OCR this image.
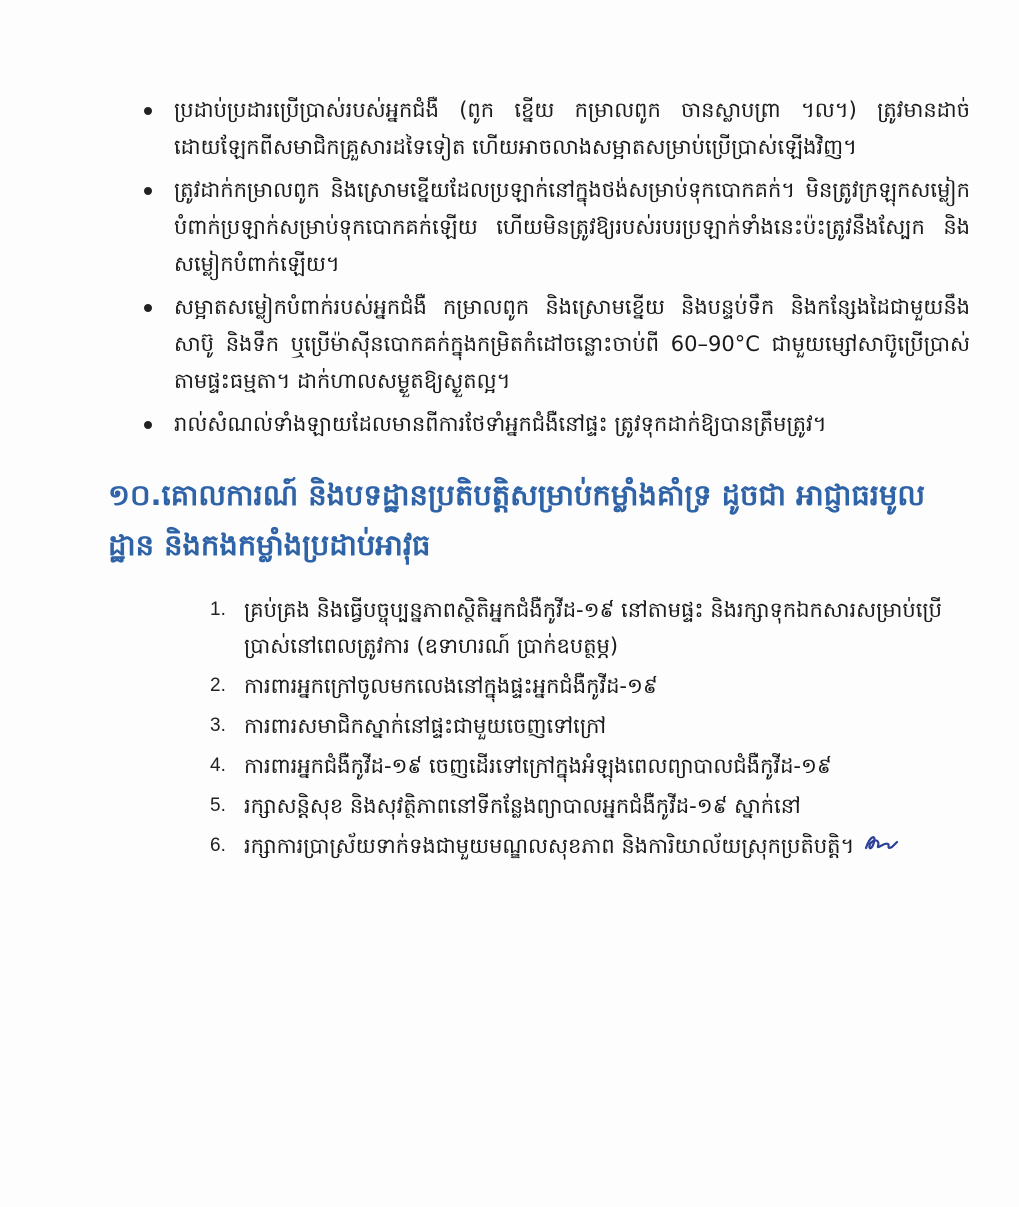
ប្រដាប់ប្រដារប្រើប្រាស់របស់អ្នកជំងឺ (ពូក ខ្នើយ កម្រាលពូក ចានស្លាបព្រា ។ល។) ត្រូវមានដាច់ដោយឡែកពីសមាជិកគ្រួសារដទៃទៀត ហើយអាចលាងសម្អាតសម្រាប់ប្រើប្រាស់ឡើងវិញ។
ត្រូវដាក់កម្រាលពូក និងស្រោមខ្នើយដែលប្រឡាក់នៅក្នុងថង់សម្រាប់ទុកបោកគក់។ មិនត្រូវក្រឡុកសម្លៀកបំពាក់ប្រឡាក់សម្រាប់ទុកបោកគក់ឡើយ ហើយមិនត្រូវឱ្យរបស់របរប្រឡាក់ទាំងនេះប៉ះត្រូវនឹងស្បែក និងសម្លៀកបំពាក់ឡើយ។
សម្អាតសម្លៀកបំពាក់របស់អ្នកជំងឺ កម្រាលពូក និងស្រោមខ្នើយ និងបន្ទប់ទឹក និងកន្សែងដៃជាមួយនឹងសាប៊ូ និងទឹក ឬប្រើម៉ាស៊ីនបោកគក់ក្នុងកម្រិតកំដៅចន្លោះចាប់ពី 60–90°C ជាមួយម្សៅសាប៊ូប្រើប្រាស់តាមផ្ទះធម្មតា។ ដាក់ហាលសម្ងួតឱ្យស្ងួតល្អ។
រាល់សំណល់ទាំងឡាយដែលមានពីការថែទាំអ្នកជំងឺនៅផ្ទះ ត្រូវទុកដាក់ឱ្យបានត្រឹមត្រូវ។
១០.គោលការណ៍ និងបទដ្ឋានប្រតិបត្តិសម្រាប់កម្លាំងគាំទ្រ ដូចជា អាជ្ញាធរមូលដ្ឋាន និងកងកម្លាំងប្រដាប់អាវុធ
1. គ្រប់គ្រង និងធ្វើបច្ចុប្បន្នភាពស្ថិតិអ្នកជំងឺកូវីដ-១៩ នៅតាមផ្ទះ និងរក្សាទុកឯកសារសម្រាប់ប្រើ ប្រាស់នៅពេលត្រូវការ (ឧទាហរណ៍ ប្រាក់ឧបត្ថម្ភ)
2. ការពារអ្នកក្រៅចូលមកលេងនៅក្នុងផ្ទះអ្នកជំងឺកូវីដ-១៩
3. ការពារសមាជិកស្នាក់នៅផ្ទះជាមួយចេញទៅក្រៅ
4. ការពារអ្នកជំងឺកូវីដ-១៩ ចេញដើរទៅក្រៅក្នុងអំឡុងពេលព្យាបាលជំងឺកូវីដ-១៩
5. រក្សាសន្តិសុខ និងសុវត្ថិភាពនៅទីកន្លែងព្យាបាលអ្នកជំងឺកូវីដ-១៩ ស្នាក់នៅ
6. រក្សាការប្រាស្រ័យទាក់ទងជាមួយមណ្ឌលសុខភាព និងការិយាល័យស្រុកប្រតិបត្តិ។
